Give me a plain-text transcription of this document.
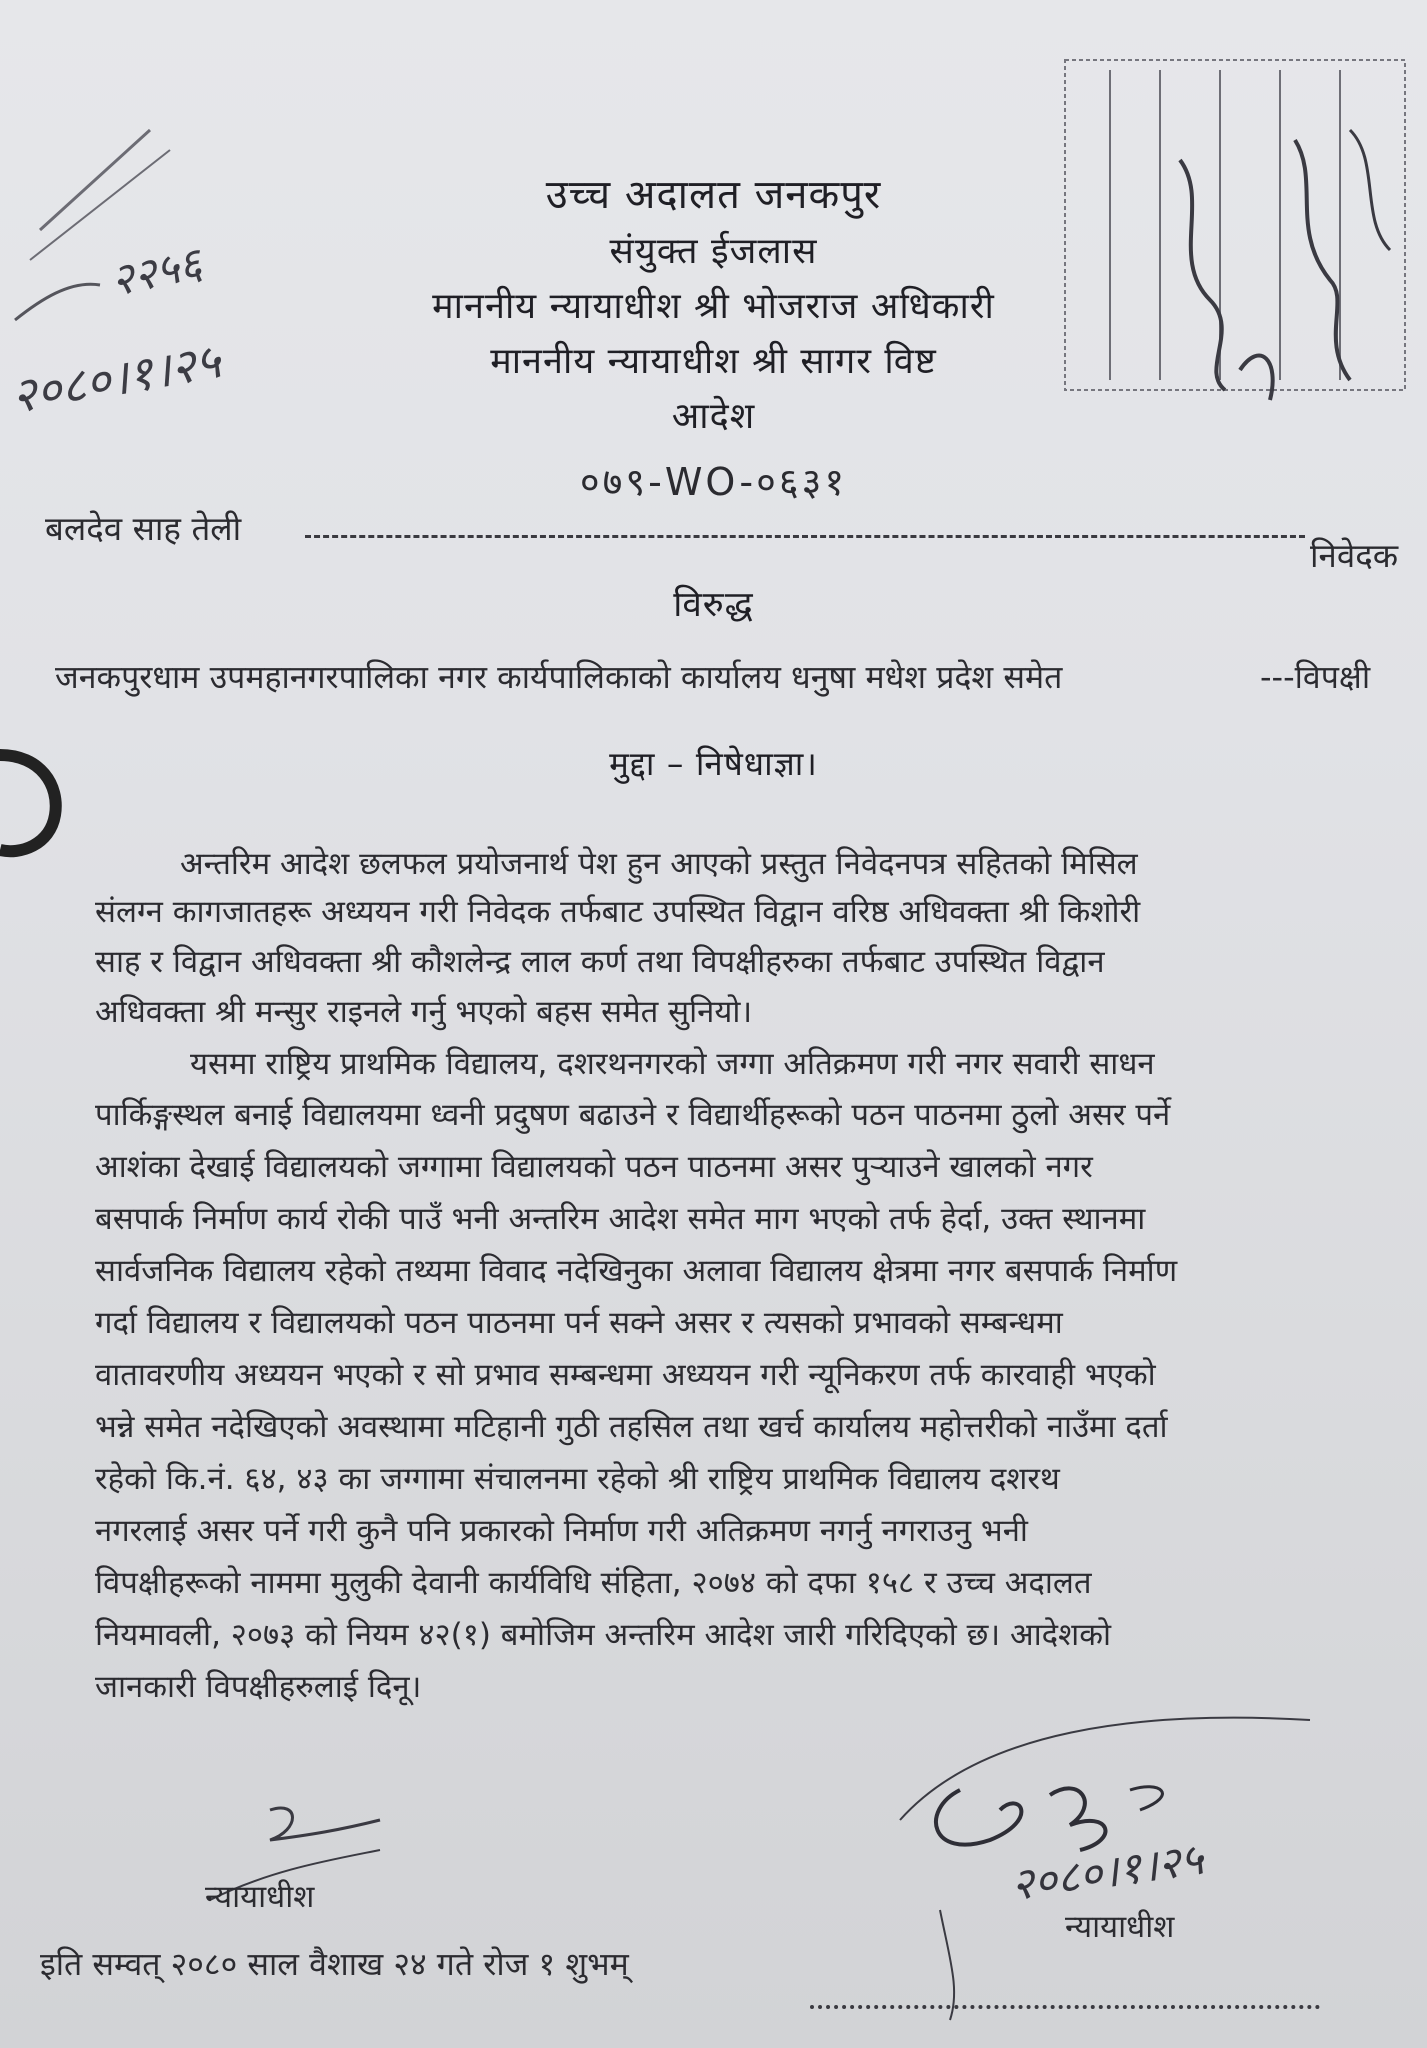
२२५६
२०८०।१।२५
उच्च अदालत जनकपुर
संयुक्त ईजलास
माननीय न्यायाधीश श्री भोजराज अधिकारी
माननीय न्यायाधीश श्री सागर विष्ट
आदेश
०७९-WO-०६३१
बलदेव साह तेली
निवेदक
विरुद्ध
जनकपुरधाम उपमहानगरपालिका नगर कार्यपालिकाको कार्यालय धनुषा मधेश प्रदेश समेत	---विपक्षी
मुद्दा – निषेधाज्ञा।
अन्तरिम आदेश छलफल प्रयोजनार्थ पेश हुन आएको प्रस्तुत निवेदनपत्र सहितको मिसिल
संलग्न कागजातहरू अध्ययन गरी निवेदक तर्फबाट उपस्थित विद्वान वरिष्ठ अधिवक्ता श्री किशोरी
साह र विद्वान अधिवक्ता श्री कौशलेन्द्र लाल कर्ण तथा विपक्षीहरुका तर्फबाट उपस्थित विद्वान
अधिवक्ता श्री मन्सुर राइनले गर्नु भएको बहस समेत सुनियो।
यसमा राष्ट्रिय प्राथमिक विद्यालय, दशरथनगरको जग्गा अतिक्रमण गरी नगर सवारी साधन
पार्किङ्गस्थल बनाई विद्यालयमा ध्वनी प्रदुषण बढाउने र विद्यार्थीहरूको पठन पाठनमा ठुलो असर पर्ने
आशंका देखाई विद्यालयको जग्गामा विद्यालयको पठन पाठनमा असर पुऱ्याउने खालको नगर
बसपार्क निर्माण कार्य रोकी पाउँ भनी अन्तरिम आदेश समेत माग भएको तर्फ हेर्दा, उक्त स्थानमा
सार्वजनिक विद्यालय रहेको तथ्यमा विवाद नदेखिनुका अलावा विद्यालय क्षेत्रमा नगर बसपार्क निर्माण
गर्दा विद्यालय र विद्यालयको पठन पाठनमा पर्न सक्ने असर र त्यसको प्रभावको सम्बन्धमा
वातावरणीय अध्ययन भएको र सो प्रभाव सम्बन्धमा अध्ययन गरी न्यूनिकरण तर्फ कारवाही भएको
भन्ने समेत नदेखिएको अवस्थामा मटिहानी गुठी तहसिल तथा खर्च कार्यालय महोत्तरीको नाउँमा दर्ता
रहेको कि.नं. ६४, ४३ का जग्गामा संचालनमा रहेको श्री राष्ट्रिय प्राथमिक विद्यालय दशरथ
नगरलाई असर पर्ने गरी कुनै पनि प्रकारको निर्माण गरी अतिक्रमण नगर्नु नगराउनु भनी
विपक्षीहरूको नाममा मुलुकी देवानी कार्यविधि संहिता, २०७४ को दफा १५८ र उच्च अदालत
नियमावली, २०७३ को नियम ४२(१) बमोजिम अन्तरिम आदेश जारी गरिदिएको छ। आदेशको
जानकारी विपक्षीहरुलाई दिनू।
न्यायाधीश	२०८०।१।२५
न्यायाधीश
इति सम्वत् २०८० साल वैशाख २४ गते रोज १ शुभम्
